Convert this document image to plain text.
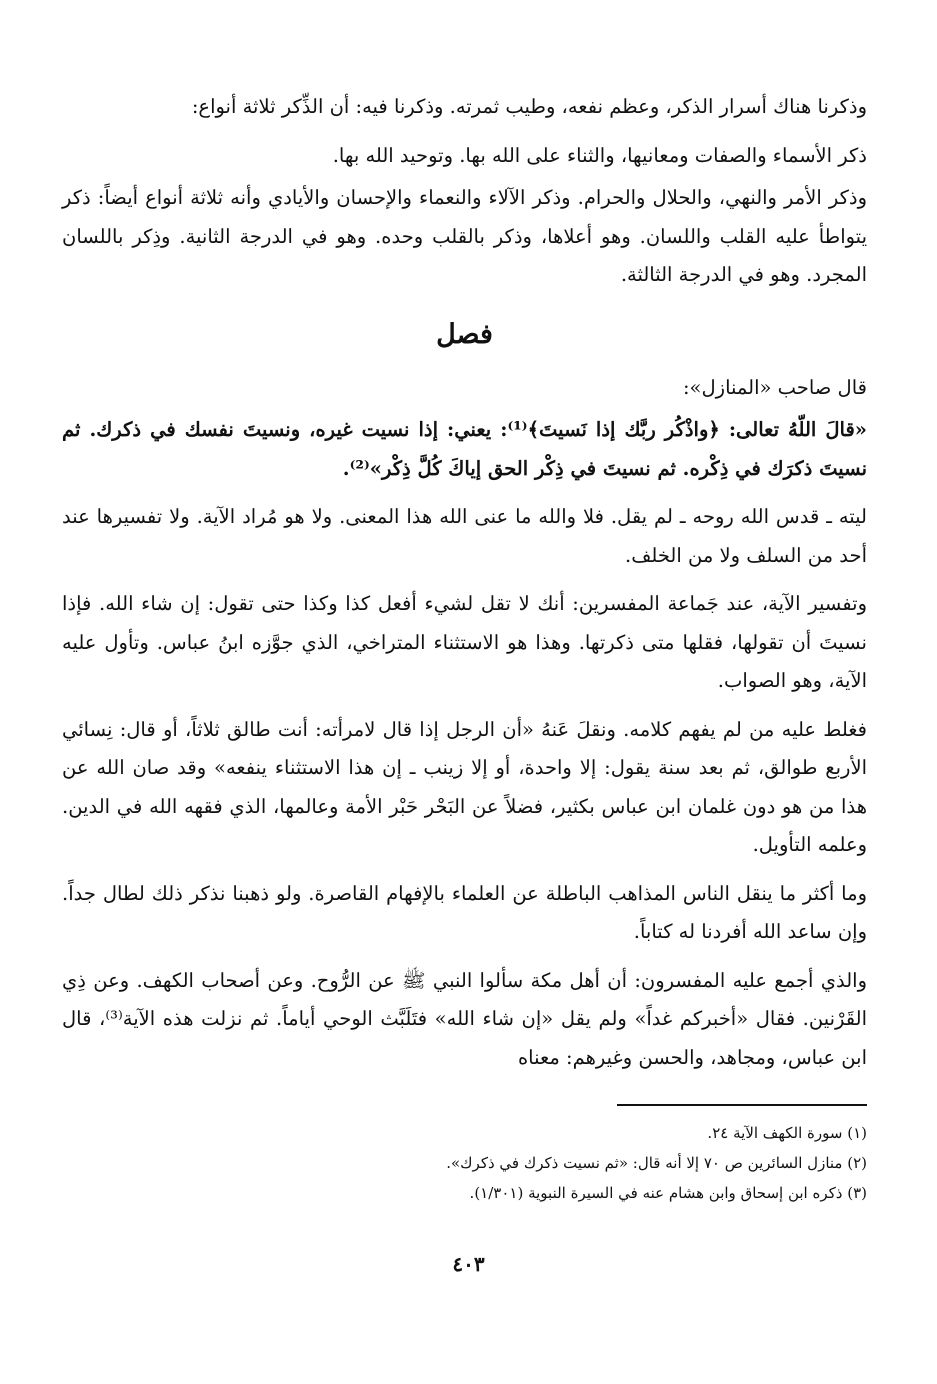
وذكرنا هناك أسرار الذكر، وعظم نفعه، وطيب ثمرته. وذكرنا فيه: أن الذِّكر ثلاثة أنواع:

ذكر الأسماء والصفات ومعانيها، والثناء على الله بها. وتوحيد الله بها.

وذكر الأمر والنهي، والحلال والحرام. وذكر الآلاء والنعماء والإحسان والأيادي وأنه ثلاثة أنواع أيضاً: ذكر يتواطأ عليه القلب واللسان. وهو أعلاها، وذكر بالقلب وحده. وهو في الدرجة الثانية. وذِكر باللسان المجرد. وهو في الدرجة الثالثة.

فصل

قال صاحب «المنازل»:

«قالَ اللّهُ تعالى: ﴿واذْكُر ربَّك إذا نَسيتَ﴾⁽¹⁾: يعني: إذا نسيت غيره، ونسيتَ نفسك في ذكرك. ثم نسيتَ ذكرَك في ذِكْره. ثم نسيتَ في ذِكْر الحق إياكَ كُلَّ ذِكْر»⁽²⁾.

ليته ـ قدس الله روحه ـ لم يقل. فلا والله ما عنى الله هذا المعنى. ولا هو مُراد الآية. ولا تفسيرها عند أحد من السلف ولا من الخلف.

وتفسير الآية، عند جَماعة المفسرين: أنك لا تقل لشيء أفعل كذا وكذا حتى تقول: إن شاء الله. فإذا نسيتَ أن تقولها، فقلها متى ذكرتها. وهذا هو الاستثناء المتراخي، الذي جوَّزه ابنُ عباس. وتأول عليه الآية، وهو الصواب.

فغلط عليه من لم يفهم كلامه. ونقلَ عَنهُ «أن الرجل إذا قال لامرأته: أنت طالق ثلاثاً، أو قال: نِسائي الأربع طوالق، ثم بعد سنة يقول: إلا واحدة، أو إلا زينب ـ إن هذا الاستثناء ينفعه» وقد صان الله عن هذا من هو دون غلمان ابن عباس بكثير، فضلاً عن البَحْر حَبْر الأمة وعالمها، الذي فقهه الله في الدين. وعلمه التأويل.

وما أكثر ما ينقل الناس المذاهب الباطلة عن العلماء بالإفهام القاصرة. ولو ذهبنا نذكر ذلك لطال جداً. وإن ساعد الله أفردنا له كتاباً.

والذي أجمع عليه المفسرون: أن أهل مكة سألوا النبي ﷺ عن الرُّوح. وعن أصحاب الكهف. وعن ذِي القَرْنين. فقال «أخبركم غداً» ولم يقل «إن شاء الله» فتَلَبَّث الوحي أياماً. ثم نزلت هذه الآية⁽³⁾، قال ابن عباس، ومجاهد، والحسن وغيرهم: معناه

(١) سورة الكهف الآية ٢٤.

(٢) منازل السائرين ص ٧٠ إلا أنه قال: «ثم نسيت ذكرك في ذكرك».

(٣) ذكره ابن إسحاق وابن هشام عنه في السيرة النبوية (١/٣٠١).

٤٠٣
